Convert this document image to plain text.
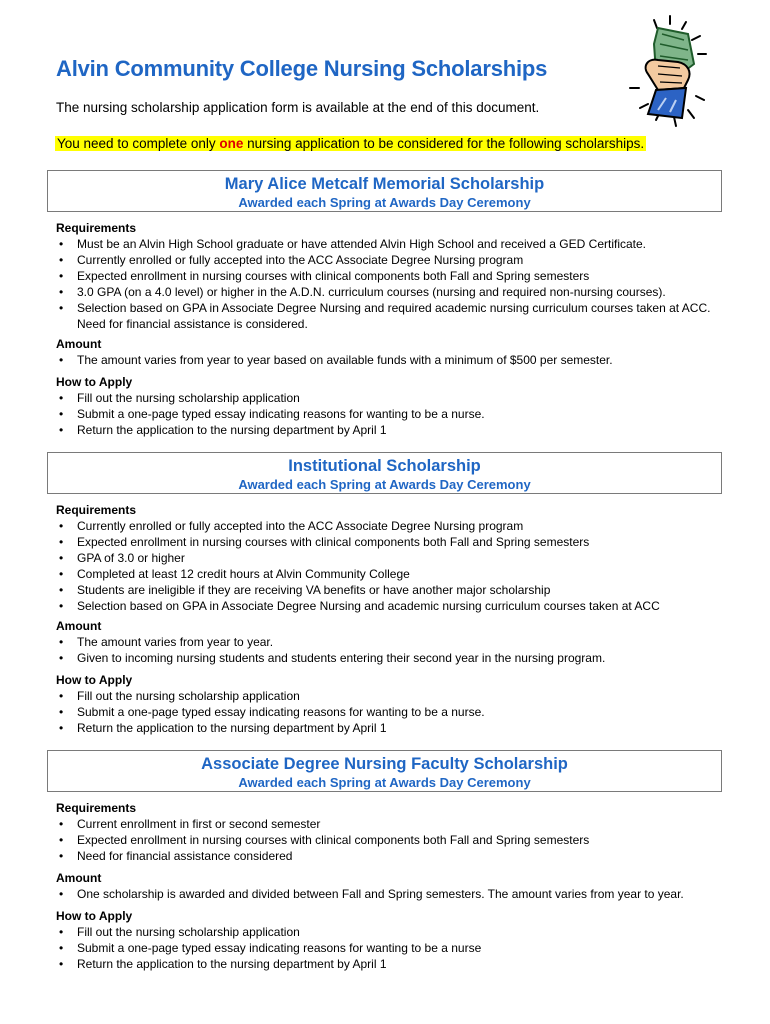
Alvin Community College Nursing Scholarships
The nursing scholarship application form is available at the end of this document.
You need to complete only one nursing application to be considered for the following scholarships.
Mary Alice Metcalf Memorial Scholarship
Awarded each Spring at Awards Day Ceremony
Requirements
• Must be an Alvin High School graduate or have attended Alvin High School and received a GED Certificate.
• Currently enrolled or fully accepted into the ACC Associate Degree Nursing program
• Expected enrollment in nursing courses with clinical components both Fall and Spring semesters
• 3.0 GPA (on a 4.0 level) or higher in the A.D.N. curriculum courses (nursing and required non-nursing courses).
• Selection based on GPA in Associate Degree Nursing and required academic nursing curriculum courses taken at ACC. Need for financial assistance is considered.
Amount
• The amount varies from year to year based on available funds with a minimum of $500 per semester.
How to Apply
• Fill out the nursing scholarship application
• Submit a one-page typed essay indicating reasons for wanting to be a nurse.
• Return the application to the nursing department by April 1
Institutional Scholarship
Awarded each Spring at Awards Day Ceremony
Requirements
• Currently enrolled or fully accepted into the ACC Associate Degree Nursing program
• Expected enrollment in nursing courses with clinical components both Fall and Spring semesters
• GPA of 3.0 or higher
• Completed at least 12 credit hours at Alvin Community College
• Students are ineligible if they are receiving VA benefits or have another major scholarship
• Selection based on GPA in Associate Degree Nursing and academic nursing curriculum courses taken at ACC
Amount
• The amount varies from year to year.
• Given to incoming nursing students and students entering their second year in the nursing program.
How to Apply
• Fill out the nursing scholarship application
• Submit a one-page typed essay indicating reasons for wanting to be a nurse.
• Return the application to the nursing department by April 1
Associate Degree Nursing Faculty Scholarship
Awarded each Spring at Awards Day Ceremony
Requirements
• Current enrollment in first or second semester
• Expected enrollment in nursing courses with clinical components both Fall and Spring semesters
• Need for financial assistance considered
Amount
• One scholarship is awarded and divided between Fall and Spring semesters. The amount varies from year to year.
How to Apply
• Fill out the nursing scholarship application
• Submit a one-page typed essay indicating reasons for wanting to be a nurse
• Return the application to the nursing department by April 1
